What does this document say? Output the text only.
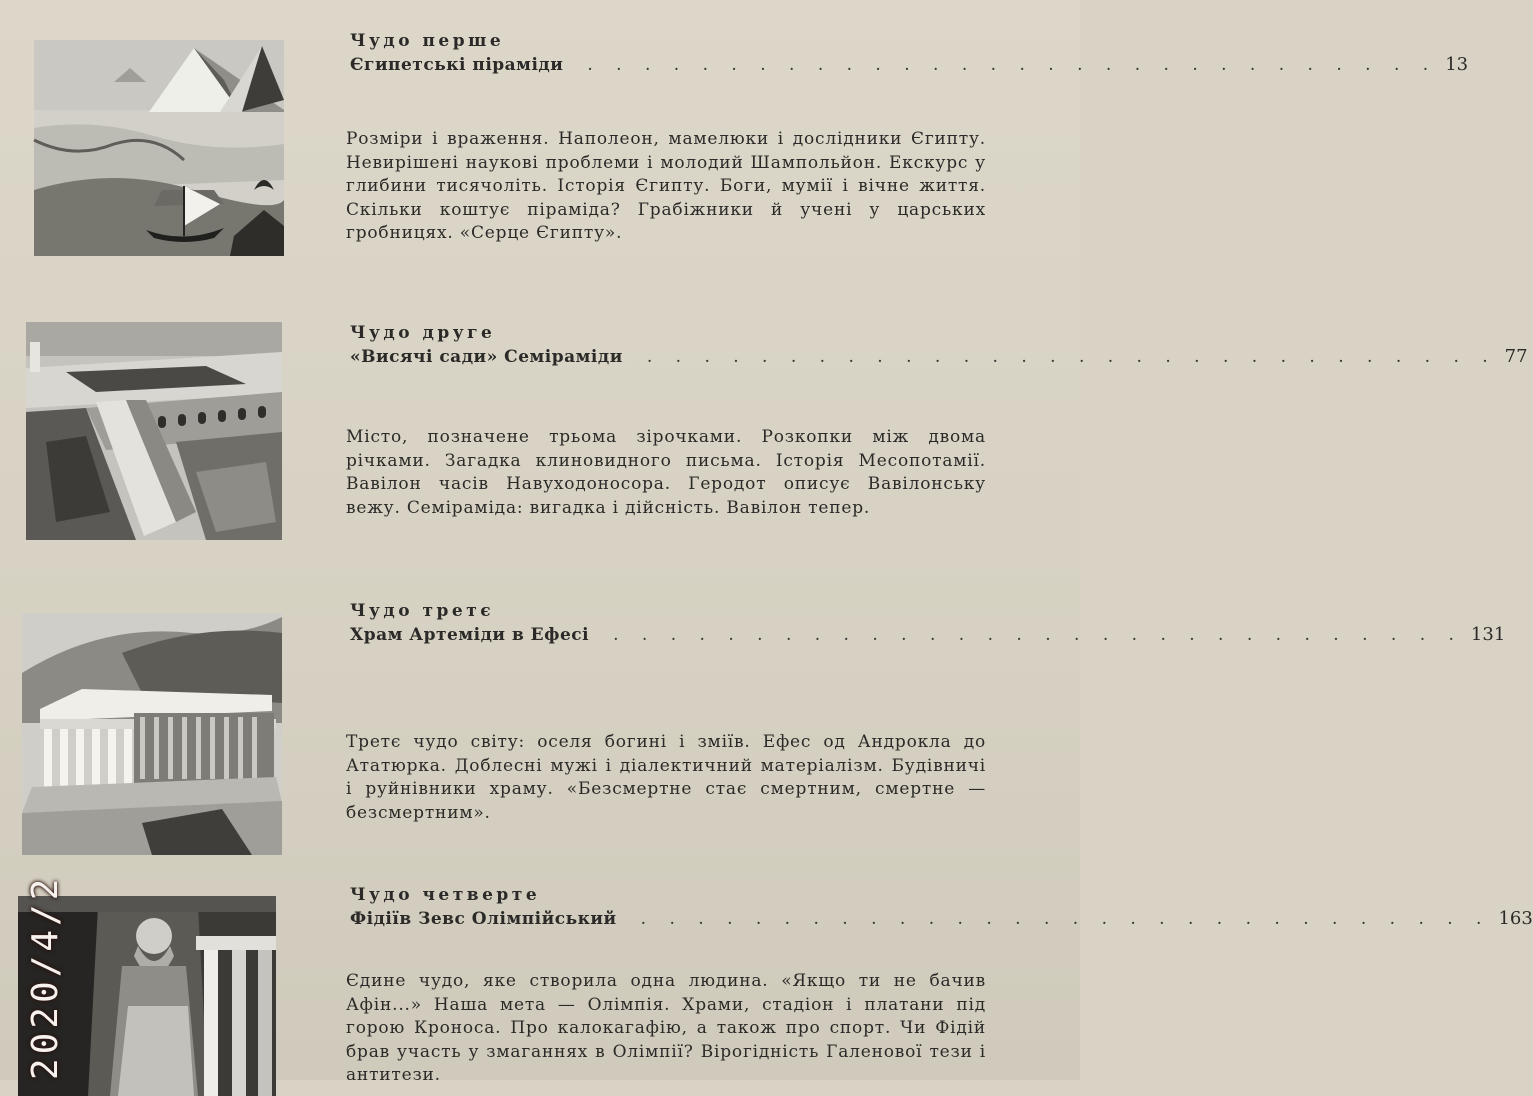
Чудо перше
Єгипетські піраміди . . . . . . . . . . . . . . . . . . . . . . . . . . . . . . 13
Розміри і враження. Наполеон, мамелюки і дослідники Єгипту. Невирішені наукові проблеми і молодий Шампольйон. Екскурс у глибини тисячоліть. Історія Єгипту. Боги, мумії і вічне життя. Скільки коштує піраміда? Грабіжники й учені у царських гробницях. «Серце Єгипту».
Чудо друге
«Висячі сади» Семіраміди . . . . . . . . . . . . . . . . . . . . . . . . . . . . . . 77
Місто, позначене трьома зірочками. Розкопки між двома річками. Загадка клиновидного письма. Історія Месопотамії. Вавілон часів Навуходоносора. Геродот описує Вавілонську вежу. Семіраміда: вигадка і дійсність. Вавілон тепер.
Чудо третє
Храм Артеміди в Ефесі . . . . . . . . . . . . . . . . . . . . . . . . . . . . . . 131
Третє чудо світу: оселя богині і зміїв. Ефес од Андрокла до Ататюрка. Доблесні мужі і діалектичний матеріалізм. Будівничі і руйнівники храму. «Безсмертне стає смертним, смертне — безсмертним».
Чудо четверте
Фідіїв Зевс Олімпійський . . . . . . . . . . . . . . . . . . . . . . . . . . . . . . 163
Єдине чудо, яке створила одна людина. «Якщо ти не бачив Афін...» Наша мета — Олімпія. Храми, стадіон і платани під горою Кроноса. Про калокагафію, а також про спорт. Чи Фідій брав участь у змаганнях в Олімпії? Вірогідність Галенової тези і антитези.
2020/4/2
